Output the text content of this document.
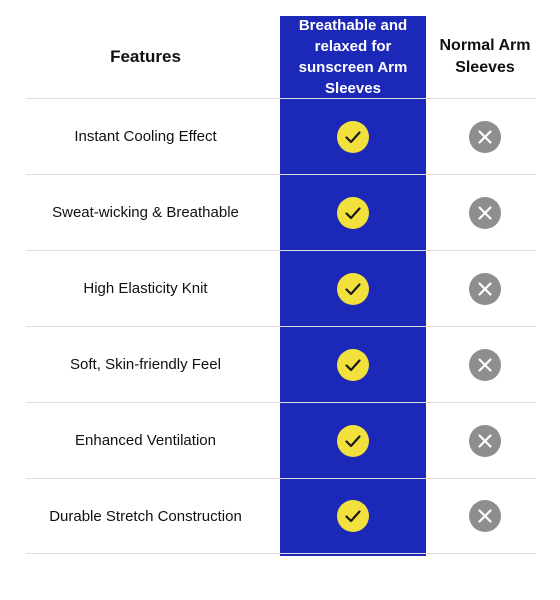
Features
Breathable and relaxed for sunscreen Arm Sleeves
Normal Arm Sleeves
Instant Cooling Effect
Sweat-wicking & Breathable
High Elasticity Knit
Soft, Skin-friendly Feel
Enhanced Ventilation
Durable Stretch Construction
